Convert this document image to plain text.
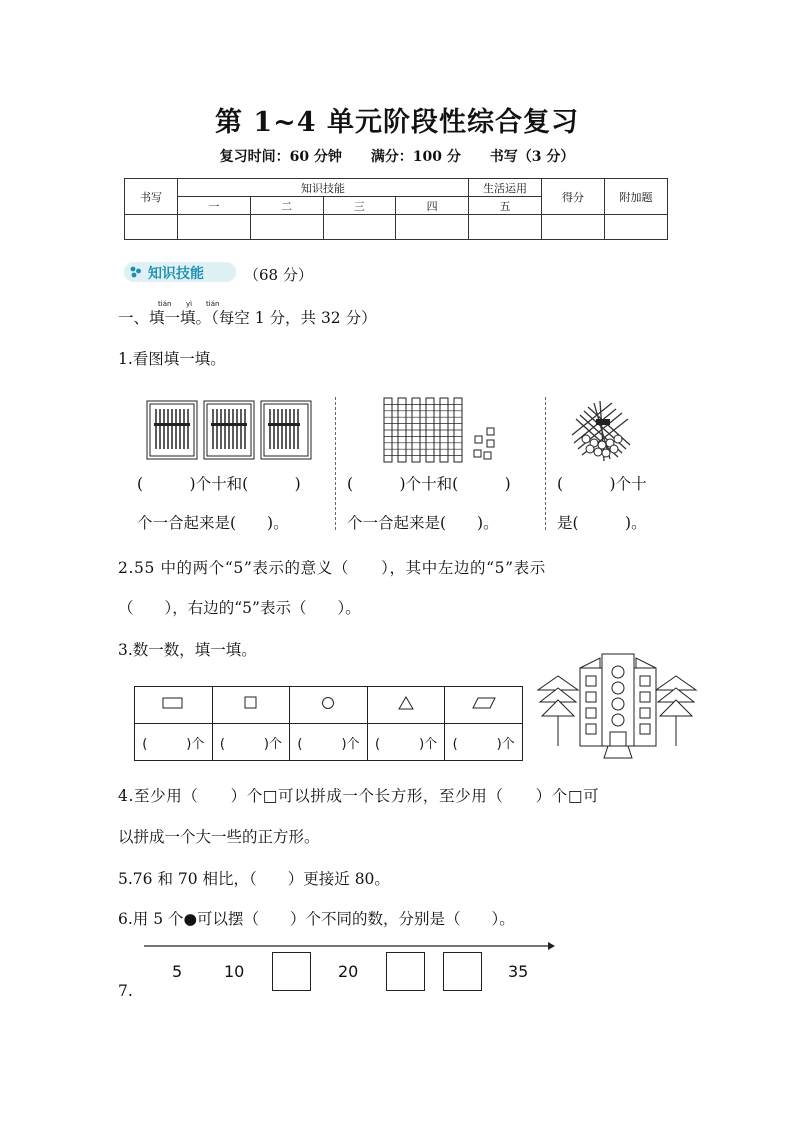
第 1~4 单元阶段性综合复习
复习时间：60 分钟 满分：100 分 书写（3 分）
书写	知识技能				生活运用	得分	附加题
	一	二	三	四	五		

知识技能	（68 分）
一、填一填。（每空 1 分，共 32 分）
tián yì tián
1.看图填一填。
(　　　)个十和(　　　)
个一合起来是(　　)。
(　　　)个十和(　　　)
个一合起来是(　　)。
(　　　)个十
是(　　　)。
2.55 中的两个“5”表示的意义（　　），其中左边的“5”表示
（　　），右边的“5”表示（　　）。
3.数一数，填一填。

(　　　)个	(　　　)个	(　　　)个	(　　　)个	(　　　)个
4.至少用（　　）个□可以拼成一个长方形，至少用（　　）个□可
以拼成一个大一些的正方形。
5.76 和 70 相比，（　　）更接近 80。
6.用 5 个●可以摆（　　）个不同的数，分别是（　　）。
5	10	20	35
7.
